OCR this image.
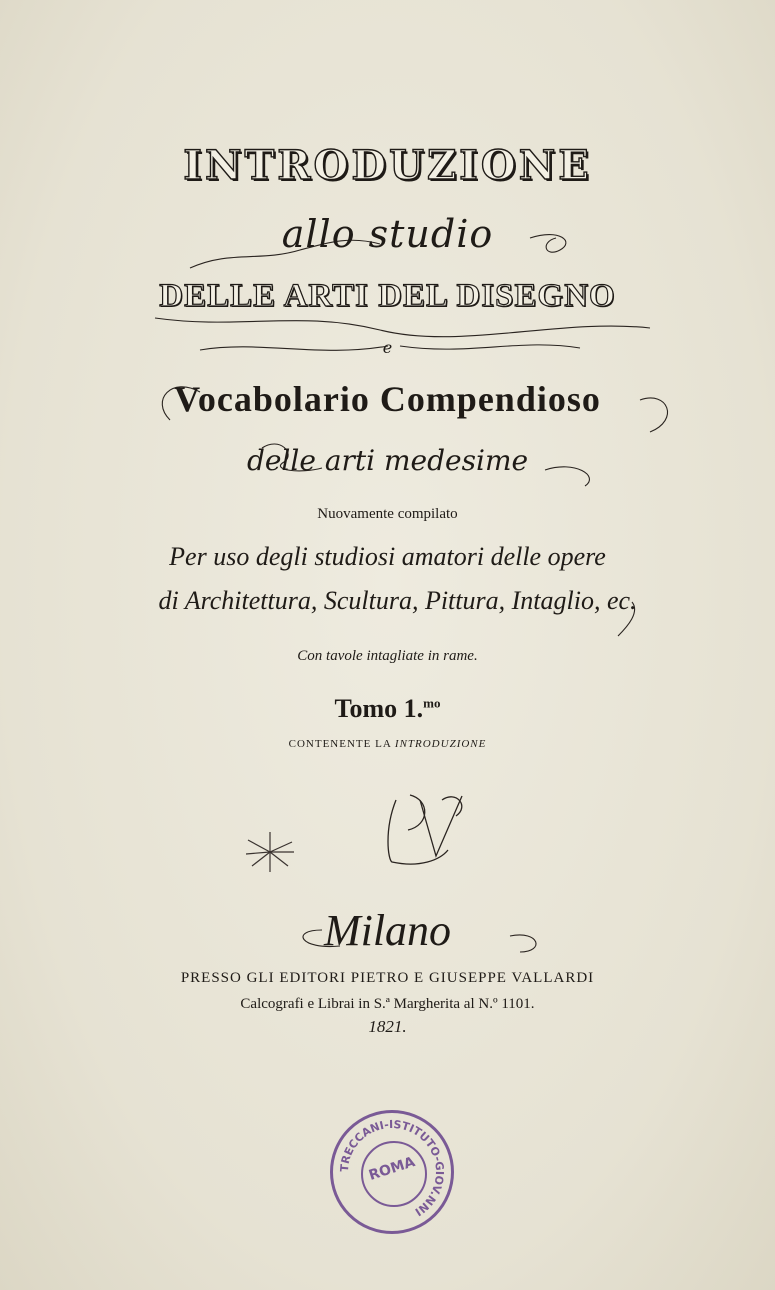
INTRODUZIONE
allo studio
DELLE ARTI DEL DISEGNO
e
Vocabolario Compendioso
delle arti medesime
Nuovamente compilato
Per uso degli studiosi amatori delle opere
di Architettura, Scultura, Pittura, Intaglio, ec.
Con tavole intagliate in rame.
Tomo 1.$^{mo}$
CONTENENTE LA INTRODUZIONE
Milano
PRESSO GLI EDITORI PIETRO E GIUSEPPE VALLARDI
Calcografi e Librai in S.ª Margherita al N.º 1101.
1821.
TRECCANI-ISTITUTO-GIOV.NNI
ROMA
